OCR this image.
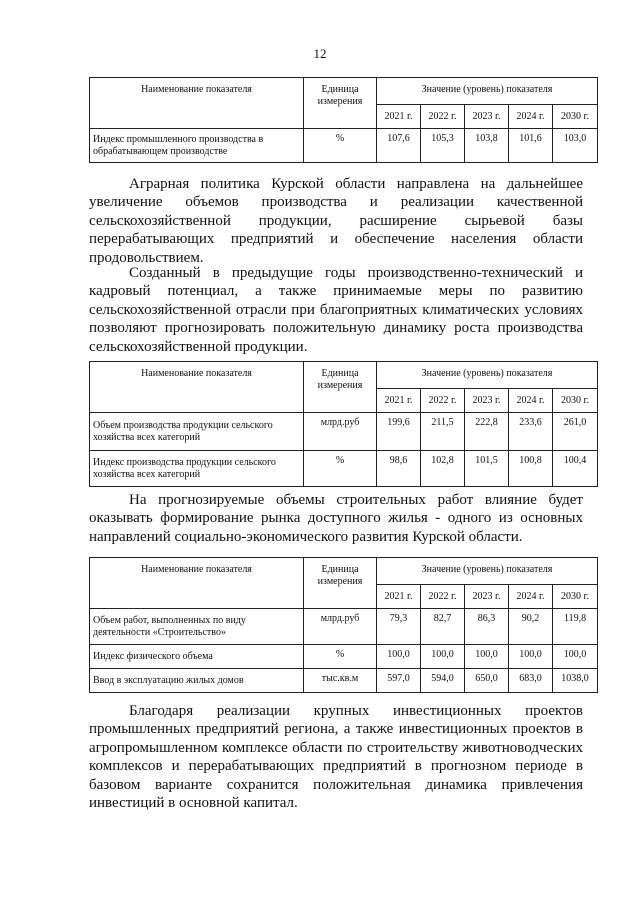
12
Наименование показателя	Единица измерения	Значение (уровень) показателя				
		2021 г.	2022 г.	2023 г.	2024 г.	2030 г.
Индекс промышленного производства в обрабатывающем производстве	%	107,6	105,3	103,8	101,6	103,0

Аграрная политика Курской области направлена на дальнейшее увеличение объемов производства и реализации качественной сельскохозяйственной продукции, расширение сырьевой базы перерабатывающих предприятий и обеспечение населения области продовольствием.

Созданный в предыдущие годы производственно-технический и кадровый потенциал, а также принимаемые меры по развитию сельскохозяйственной отрасли при благоприятных климатических условиях позволяют прогнозировать положительную динамику роста производства сельскохозяйственной продукции.

Наименование показателя	Единица измерения	Значение (уровень) показателя				
		2021 г.	2022 г.	2023 г.	2024 г.	2030 г.
Объем производства продукции сельского хозяйства всех категорий	млрд.руб	199,6	211,5	222,8	233,6	261,0
Индекс производства продукции сельского хозяйства всех категорий	%	98,6	102,8	101,5	100,8	100,4

На прогнозируемые объемы строительных работ влияние будет оказывать формирование рынка доступного жилья - одного из основных направлений социально-экономического развития Курской области.

Наименование показателя	Единица измерения	Значение (уровень) показателя				
		2021 г.	2022 г.	2023 г.	2024 г.	2030 г.
Объем работ, выполненных по виду деятельности «Строительство»	млрд.руб	79,3	82,7	86,3	90,2	119,8
Индекс физического объема	%	100,0	100,0	100,0	100,0	100,0
Ввод в эксплуатацию жилых домов	тыс.кв.м	597,0	594,0	650,0	683,0	1038,0

Благодаря реализации крупных инвестиционных проектов промышленных предприятий региона, а также инвестиционных проектов в агропромышленном комплексе области по строительству животноводческих комплексов и перерабатывающих предприятий в прогнозном периоде в базовом варианте сохранится положительная динамика привлечения инвестиций в основной капитал.
